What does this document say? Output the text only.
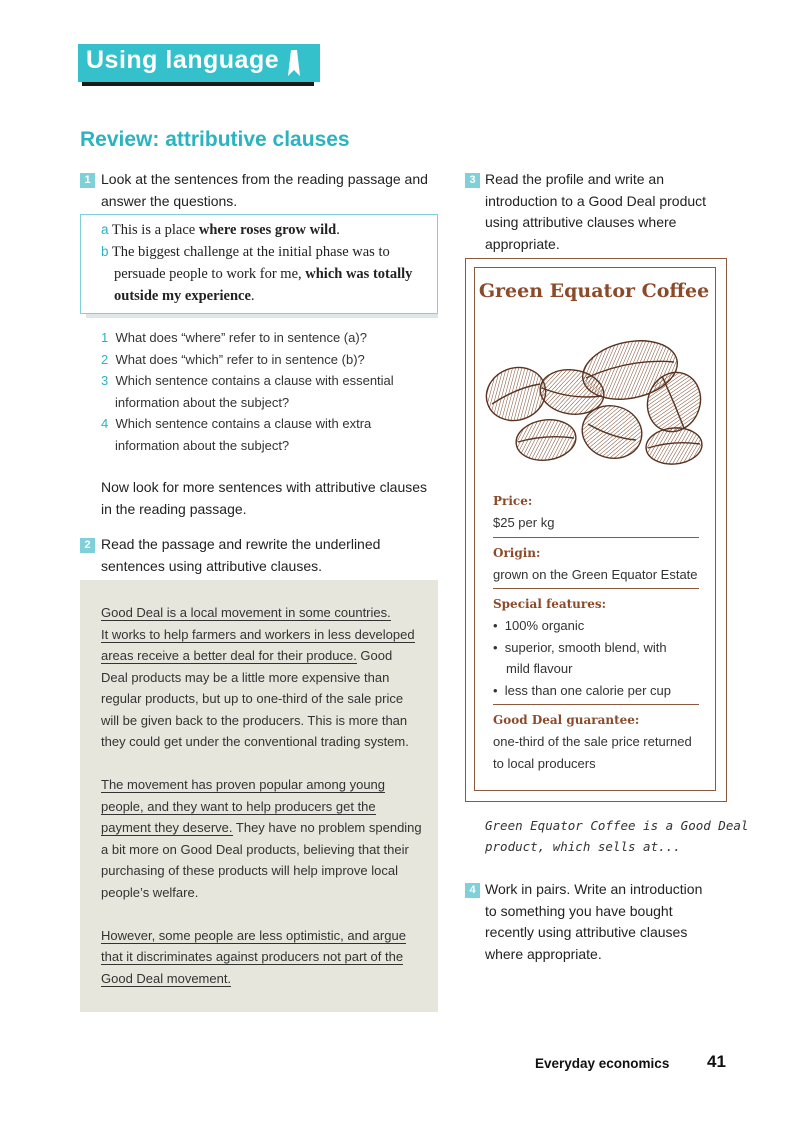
Using language
Review: attributive clauses
1 Look at the sentences from the reading passage and
answer the questions.
a This is a place where roses grow wild.
b The biggest challenge at the initial phase was to
persuade people to work for me, which was totally
outside my experience.
1 What does “where” refer to in sentence (a)?
2 What does “which” refer to in sentence (b)?
3 Which sentence contains a clause with essential
information about the subject?
4 Which sentence contains a clause with extra
information about the subject?
Now look for more sentences with attributive clauses
in the reading passage.
2 Read the passage and rewrite the underlined
sentences using attributive clauses.
Good Deal is a local movement in some countries.
It works to help farmers and workers in less developed
areas receive a better deal for their produce. Good
Deal products may be a little more expensive than
regular products, but up to one-third of the sale price
will be given back to the producers. This is more than
they could get under the conventional trading system.
The movement has proven popular among young
people, and they want to help producers get the
payment they deserve. They have no problem spending
a bit more on Good Deal products, believing that their
purchasing of these products will help improve local
people’s welfare.
However, some people are less optimistic, and argue
that it discriminates against producers not part of the
Good Deal movement.
3 Read the profile and write an
introduction to a Good Deal product
using attributive clauses where
appropriate.
Green Equator Coffee
Price:
$25 per kg
Origin:
grown on the Green Equator Estate
Special features:
•  100% organic
•  superior, smooth blend, with
mild flavour
•  less than one calorie per cup
Good Deal guarantee:
one-third of the sale price returned
to local producers
Green Equator Coffee is a Good Deal
product, which sells at...
4 Work in pairs. Write an introduction
to something you have bought
recently using attributive clauses
where appropriate.
Everyday economics 41
